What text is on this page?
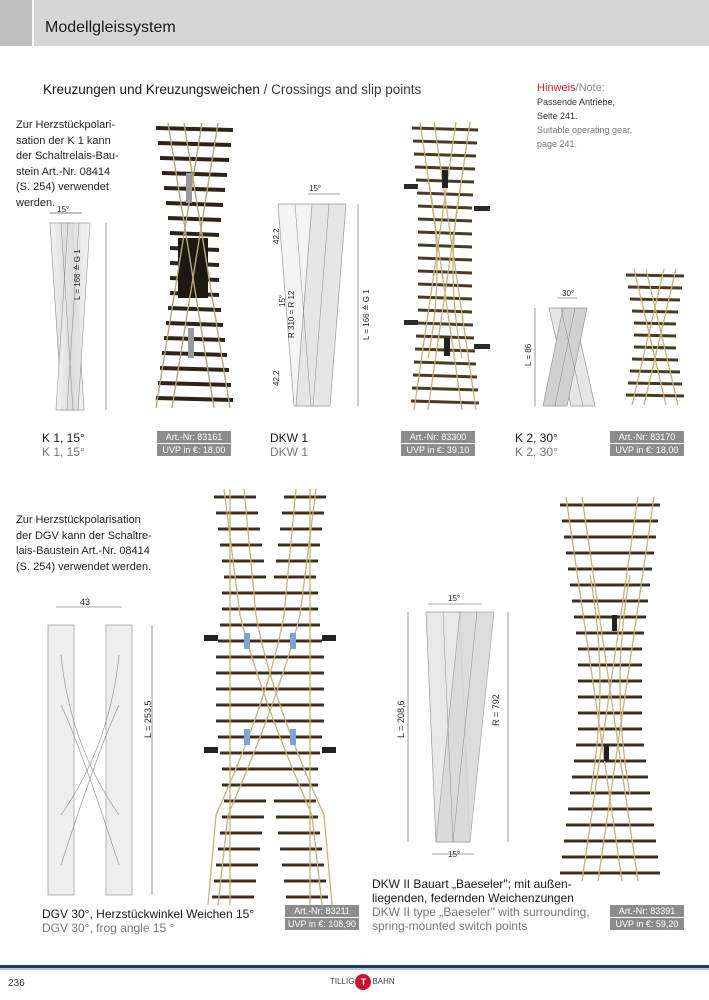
Modellgleissystem
Kreuzungen und Kreuzungsweichen / Crossings and slip points	Hinweis/Note:
Passende Antriebe,
Seite 241.
Suitable operating gear,
page 241.
Zur Herzstückpolari-
sation der K 1 kann
der Schaltrelais-Bau-
stein Art.-Nr. 08414
(S. 254) verwendet
werden.
15°
L = 166 ≙ G 1
K 1, 15°
K 1, 15°
Art.-Nr: 83161
UVP in €: 18,00
15°
42,2
15° R 310 = R 12
42,2
L = 166 ≙ G 1
DKW 1
DKW 1
Art.-Nr: 83300
UVP in €: 39,10
30°
L = 86
K 2, 30°
K 2, 30°
Art.-Nr: 83170
UVP in €: 18,00
Zur Herzstückpolarisation
der DGV kann der Schaltre-
lais-Baustein Art.-Nr. 08414
(S. 254) verwendet werden.
43
L = 253,5
DGV 30°, Herzstückwinkel Weichen 15°
DGV 30°, frog angle 15 °
Art.-Nr: 83211
UVP in €: 108,90
15°
15°
L = 208,6	R = 792
DKW II Bauart „Baeseler"; mit außen-
liegenden, federnden Weichenzungen
DKW II type „Baeseler" with surrounding,
spring-mounted switch points
Art.-Nr: 83391
UVP in €: 59,20
236	TILLIG T BAHN
